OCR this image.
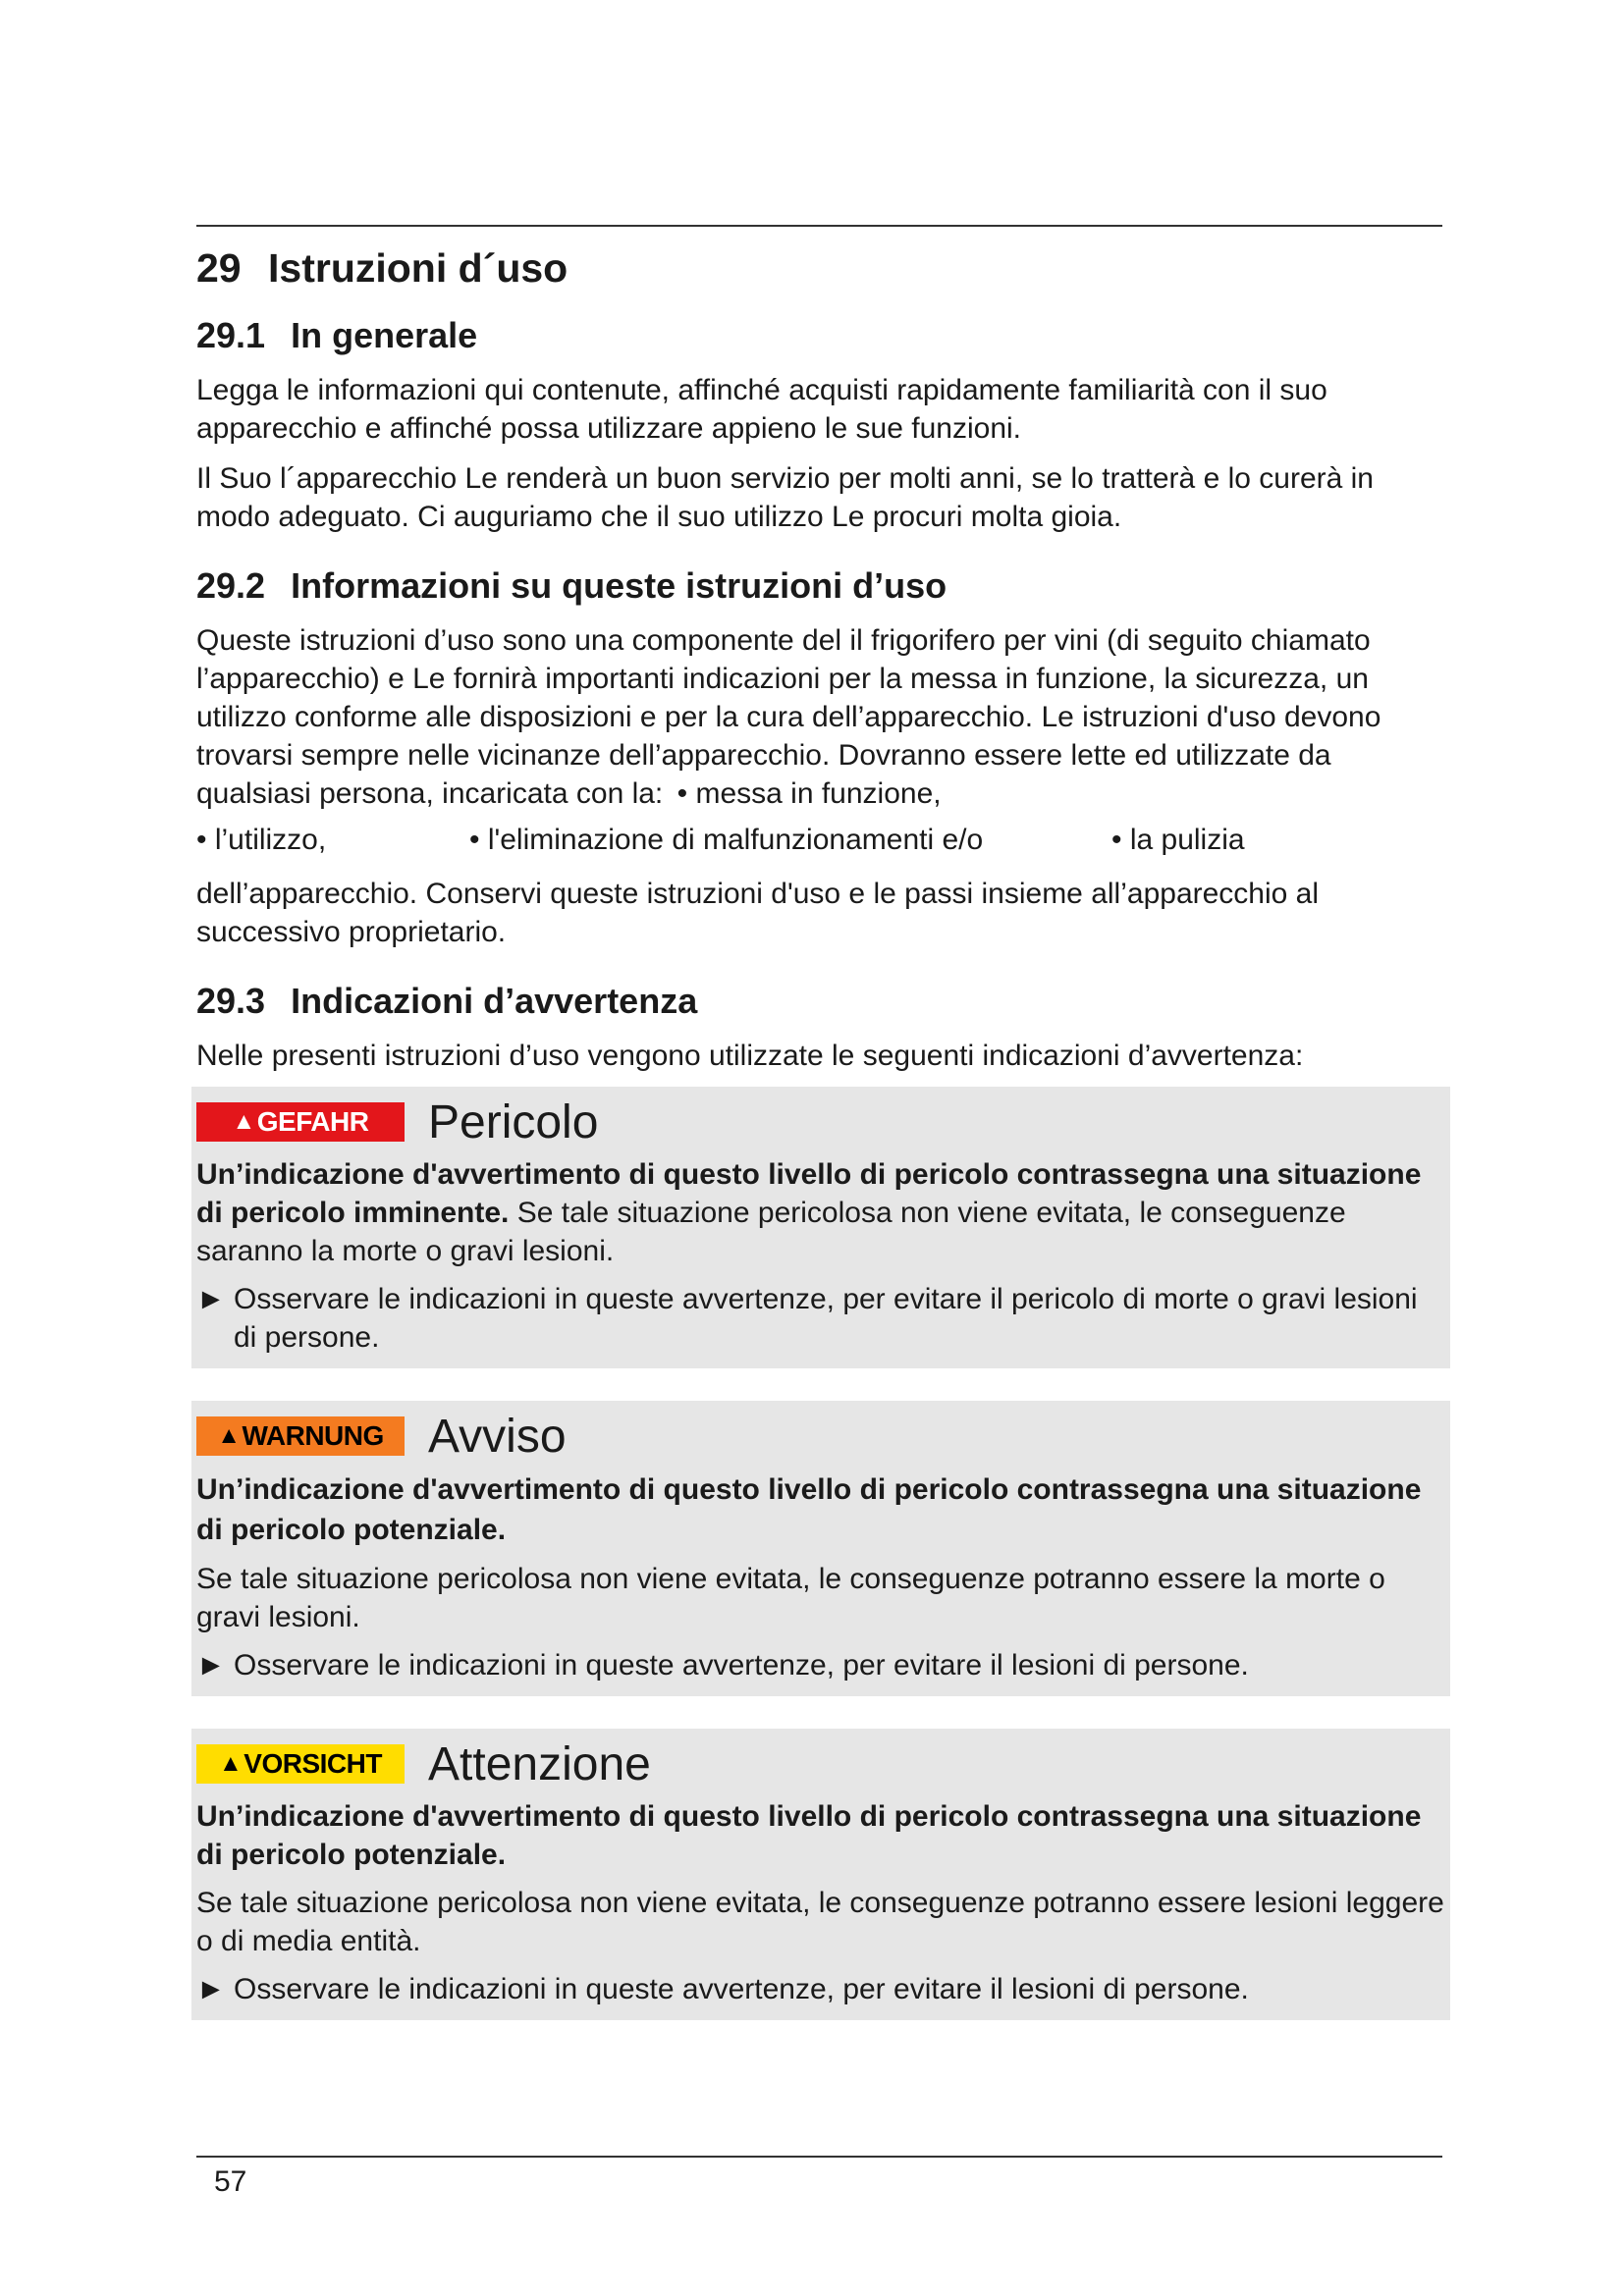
29 Istruzioni d´uso
29.1 In generale

Legga le informazioni qui contenute, affinché acquisti rapidamente familiarità con il suo apparecchio e affinché possa utilizzare appieno le sue funzioni.

Il Suo l´apparecchio Le renderà un buon servizio per molti anni, se lo tratterà e lo curerà in modo adeguato. Ci auguriamo che il suo utilizzo Le procuri molta gioia.

29.2 Informazioni su queste istruzioni d’uso

Queste istruzioni d’uso sono una componente del il frigorifero per vini (di seguito chiamato l’apparecchio) e Le fornirà importanti indicazioni per la messa in funzione, la sicurezza, un utilizzo conforme alle disposizioni e per la cura dell’apparecchio. Le istruzioni d'uso devono trovarsi sempre nelle vicinanze dell’apparecchio. Dovranno essere lette ed utilizzate da qualsiasi persona, incaricata con la: • messa in funzione,

• l’utilizzo,	• l'eliminazione di malfunzionamenti e/o	• la pulizia

dell’apparecchio. Conservi queste istruzioni d'uso e le passi insieme all’apparecchio al successivo proprietario.

29.3 Indicazioni d’avvertenza

Nelle presenti istruzioni d’uso vengono utilizzate le seguenti indicazioni d’avvertenza:

▲ GEFAHR Pericolo

Un’indicazione d'avvertimento di questo livello di pericolo contrassegna una situazione di pericolo imminente. Se tale situazione pericolosa non viene evitata, le conseguenze saranno la morte o gravi lesioni.

► Osservare le indicazioni in queste avvertenze, per evitare il pericolo di morte o gravi lesioni di persone.
▲ WARNUNG Avviso

Un’indicazione d'avvertimento di questo livello di pericolo contrassegna una situazione di pericolo potenziale.

Se tale situazione pericolosa non viene evitata, le conseguenze potranno essere la morte o gravi lesioni.

► Osservare le indicazioni in queste avvertenze, per evitare il lesioni di persone.
▲ VORSICHT Attenzione

Un’indicazione d'avvertimento di questo livello di pericolo contrassegna una situazione di pericolo potenziale.

Se tale situazione pericolosa non viene evitata, le conseguenze potranno essere lesioni leggere o di media entità.

► Osservare le indicazioni in queste avvertenze, per evitare il lesioni di persone.
57
